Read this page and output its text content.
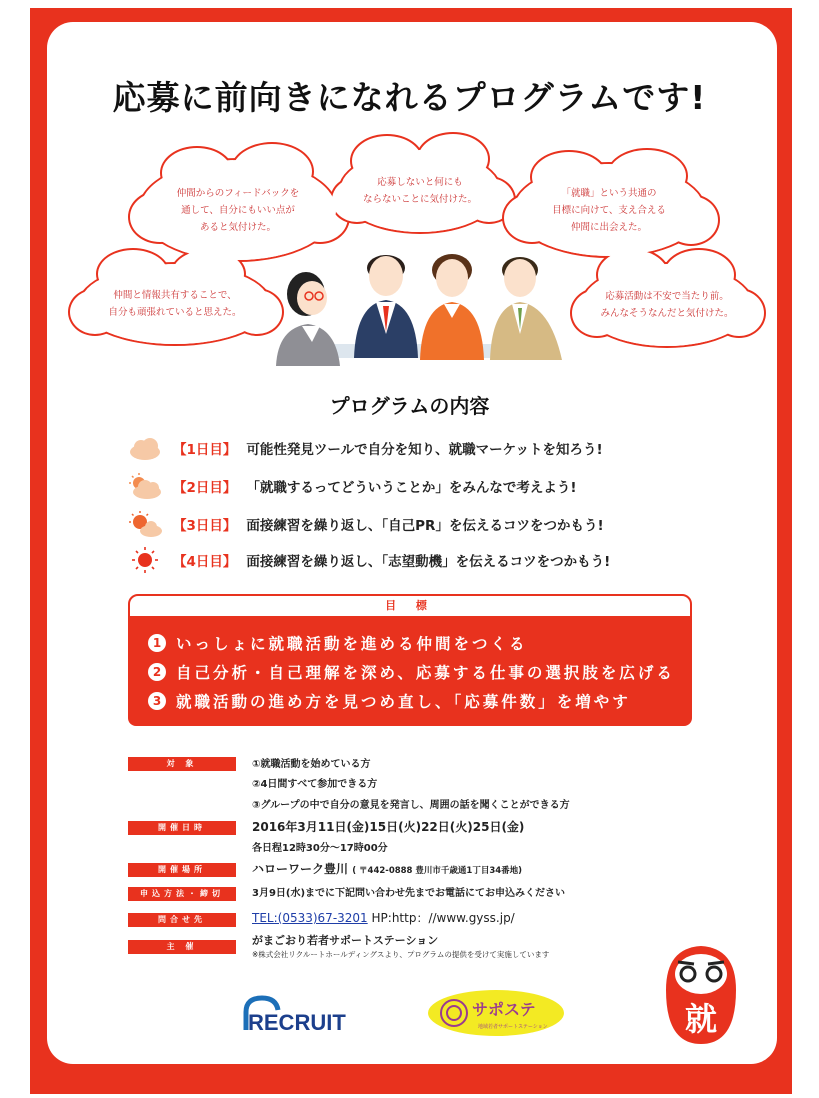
応募に前向きになれるプログラムです!
仲間からのフィードバックを
通して、自分にもいい点が
あると気付けた。
応募しないと何にも
ならないことに気付けた。
「就職」という共通の
目標に向けて、支え合える
仲間に出会えた。
仲間と情報共有することで、
自分も頑張れていると思えた。
応募活動は不安で当たり前。
みんなそうなんだと気付けた。
プログラムの内容
【1日目】 可能性発見ツールで自分を知り、就職マーケットを知ろう!
【2日目】 「就職するってどういうことか」をみんなで考えよう!
【3日目】 面接練習を繰り返し、「自己PR」を伝えるコツをつかもう!
【4日目】 面接練習を繰り返し、「志望動機」を伝えるコツをつかもう!
目 標
1 いっしょに就職活動を進める仲間をつくる
2 自己分析・自己理解を深め、応募する仕事の選択肢を広げる
3 就職活動の進め方を見つめ直し、「応募件数」を増やす
対 象	①就職活動を始めている方
②4日間すべて参加できる方
③グループの中で自分の意見を発言し、周囲の話を聞くことができる方
開催日時	2016年3月11日(金)15日(火)22日(火)25日(金)
各日程12時30分～17時00分
開催場所	ハローワーク豊川 ( 〒442-0888 豊川市千歳通1丁目34番地)
申込方法・締切	3月9日(水)までに下記問い合わせ先までお電話にてお申込みください
問合せ先	TEL:(0533)67-3201 HP:http：//www.gyss.jp/
主 催	がまごおり若者サポートステーション
※株式会社リクルートホールディングスより、プログラムの提供を受けて実施しています
RECRUIT
サポステ
地域若者サポートステーション	就
